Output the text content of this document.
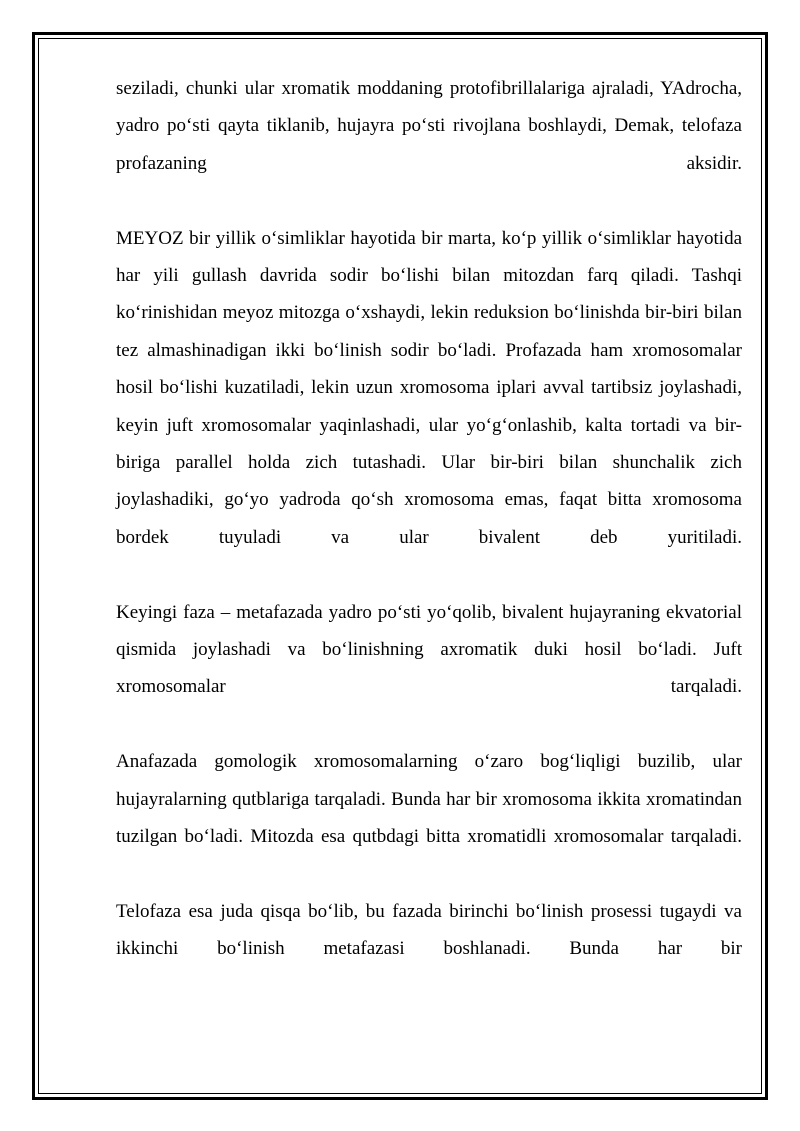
seziladi, chunki ular xromatik moddaning protofibrillalariga ajraladi, YAdrocha, yadro po‘sti qayta tiklanib, hujayra po‘sti rivojlana boshlaydi, Demak, telofaza profazaning aksidir.

MEYOZ bir yillik o‘simliklar hayotida bir marta, ko‘p yillik o‘simliklar hayotida har yili gullash davrida sodir bo‘lishi bilan mitozdan farq qiladi. Tashqi ko‘rinishidan meyoz mitozga o‘xshaydi, lekin reduksion bo‘linishda bir-biri bilan tez almashinadigan ikki bo‘linish sodir bo‘ladi. Profazada ham xromosomalar hosil bo‘lishi kuzatiladi, lekin uzun xromosoma iplari avval tartibsiz joylashadi, keyin juft xromosomalar yaqinlashadi, ular yo‘g‘onlashib, kalta tortadi va bir-biriga parallel holda zich tutashadi. Ular bir-biri bilan shunchalik zich joylashadiki, go‘yo yadroda qo‘sh xromosoma emas, faqat bitta xromosoma bordek tuyuladi va ular bivalent deb yuritiladi.

Keyingi faza – metafazada yadro po‘sti yo‘qolib, bivalent hujayraning ekvatorial qismida joylashadi va bo‘linishning axromatik duki hosil bo‘ladi. Juft xromosomalar tarqaladi.

Anafazada gomologik xromosomalarning o‘zaro bog‘liqligi buzilib, ular hujayralarning qutblariga tarqaladi. Bunda har bir xromosoma ikkita xromatindan tuzilgan bo‘ladi. Mitozda esa qutbdagi bitta xromatidli xromosomalar tarqaladi.

Telofaza esa juda qisqa bo‘lib, bu fazada birinchi bo‘linish prosessi tugaydi va ikkinchi bo‘linish metafazasi boshlanadi. Bunda har bir
